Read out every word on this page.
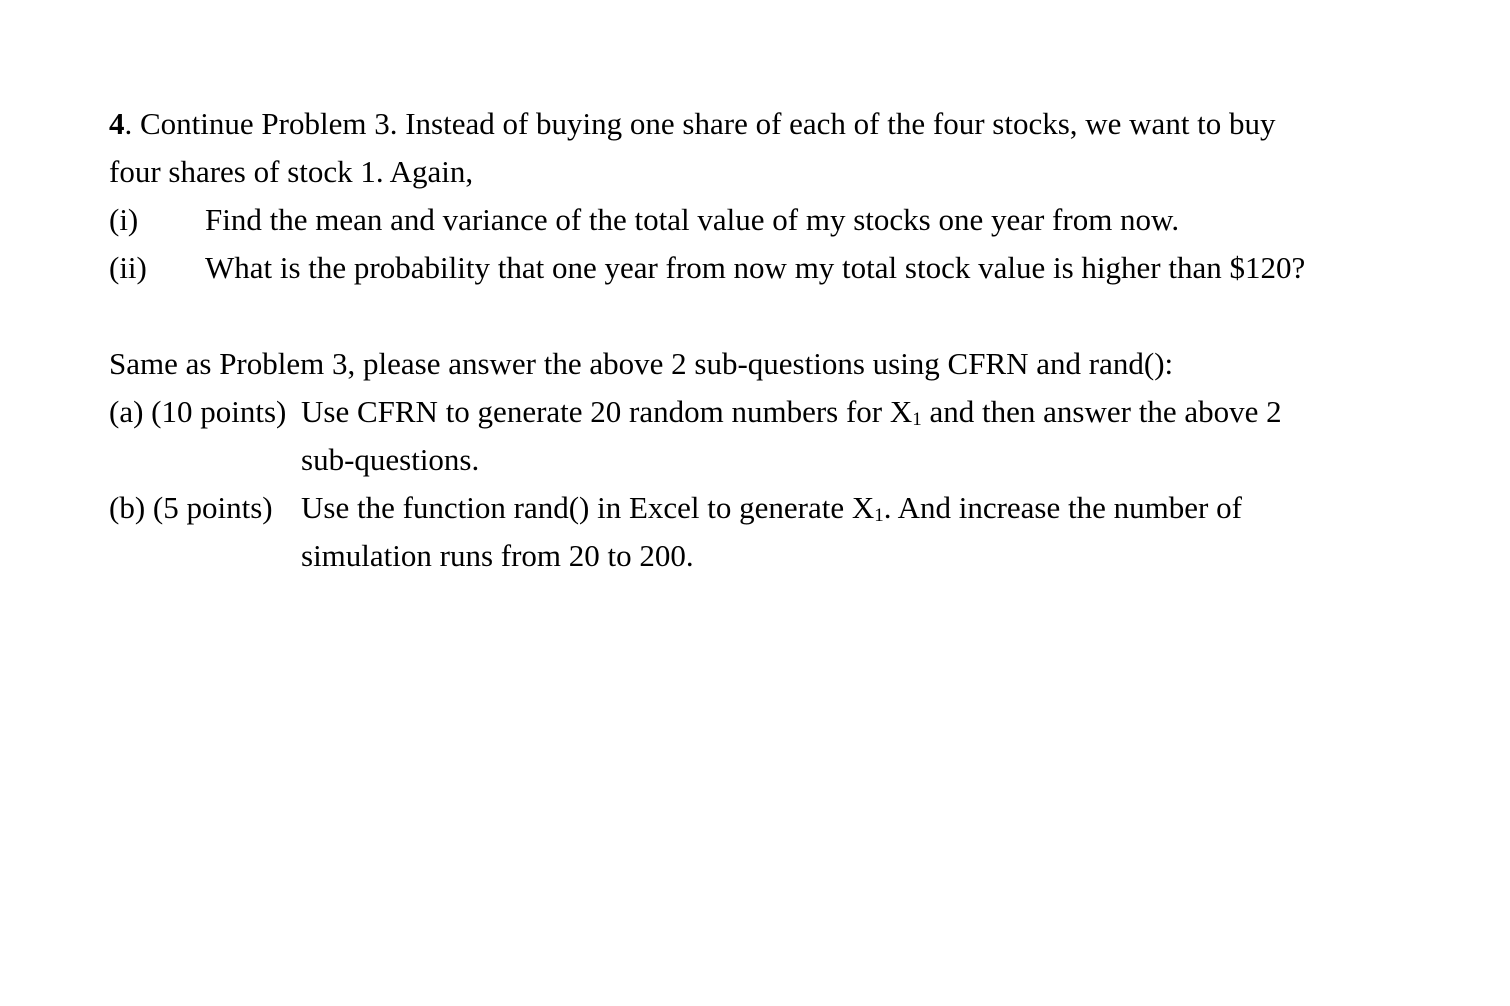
4. Continue Problem 3. Instead of buying one share of each of the four stocks, we want to buy
four shares of stock 1. Again,
(i)	Find the mean and variance of the total value of my stocks one year from now.
(ii)	What is the probability that one year from now my total stock value is higher than $120?
Same as Problem 3, please answer the above 2 sub-questions using CFRN and rand():
(a) (10 points) Use CFRN to generate 20 random numbers for $X_1$ and then answer the above 2
sub-questions.
(b) (5 points) Use the function rand() in Excel to generate $X_1$. And increase the number of
simulation runs from 20 to 200.
